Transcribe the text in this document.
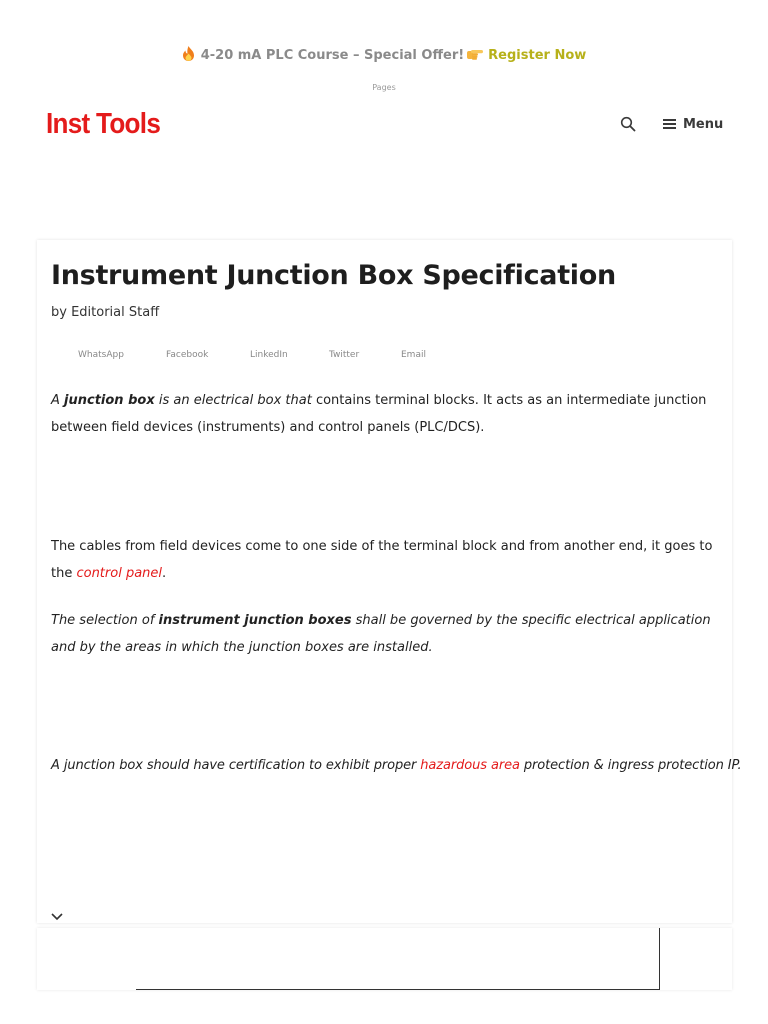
4-20 mA PLC Course – Special Offer! Register Now
Pages
Inst Tools	Menu
Instrument Junction Box Specification
by Editorial Staff
WhatsApp	Facebook	LinkedIn	Twitter	Email

A junction box is an electrical box that contains terminal blocks. It acts as an intermediate junction between field devices (instruments) and control panels (PLC/DCS).

The cables from field devices come to one side of the terminal block and from another end, it goes to the control panel.

The selection of instrument junction boxes shall be governed by the specific electrical application and by the areas in which the junction boxes are installed.

A junction box should have certification to exhibit proper hazardous area protection & ingress protection IP.
